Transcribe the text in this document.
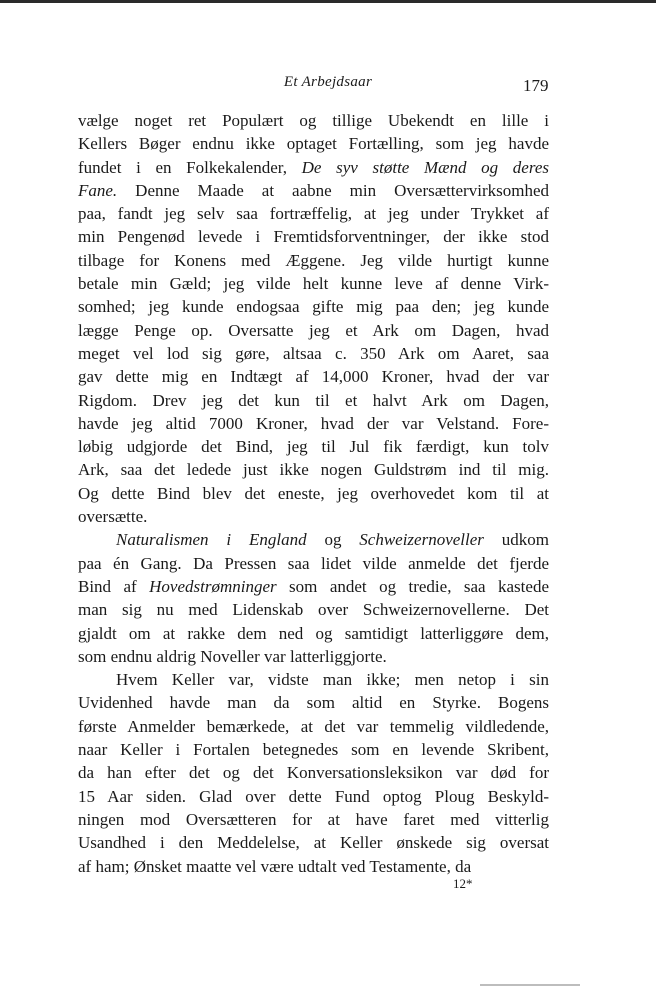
Et Arbejdsaar	179
vælge noget ret Populært og tillige Ubekendt en lille i
Kellers Bøger endnu ikke optaget Fortælling, som jeg havde
fundet i en Folkekalender, De syv støtte Mænd og deres
Fane. Denne Maade at aabne min Oversættervirksomhed
paa, fandt jeg selv saa fortræffelig, at jeg under Trykket af
min Pengenød levede i Fremtidsforventninger, der ikke stod
tilbage for Konens med Æggene. Jeg vilde hurtigt kunne
betale min Gæld; jeg vilde helt kunne leve af denne Virk-
somhed; jeg kunde endogsaa gifte mig paa den; jeg kunde
lægge Penge op. Oversatte jeg et Ark om Dagen, hvad
meget vel lod sig gøre, altsaa c. 350 Ark om Aaret, saa
gav dette mig en Indtægt af 14,000 Kroner, hvad der var
Rigdom. Drev jeg det kun til et halvt Ark om Dagen,
havde jeg altid 7000 Kroner, hvad der var Velstand. Fore-
løbig udgjorde det Bind, jeg til Jul fik færdigt, kun tolv
Ark, saa det ledede just ikke nogen Guldstrøm ind til mig.
Og dette Bind blev det eneste, jeg overhovedet kom til at
oversætte.
Naturalismen i England og Schweizernoveller udkom
paa én Gang. Da Pressen saa lidet vilde anmelde det fjerde
Bind af Hovedstrømninger som andet og tredie, saa kastede
man sig nu med Lidenskab over Schweizernovellerne. Det
gjaldt om at rakke dem ned og samtidigt latterliggøre dem,
som endnu aldrig Noveller var latterliggjorte.
Hvem Keller var, vidste man ikke; men netop i sin
Uvidenhed havde man da som altid en Styrke. Bogens
første Anmelder bemærkede, at det var temmelig vildledende,
naar Keller i Fortalen betegnedes som en levende Skribent,
da han efter det og det Konversationsleksikon var død for
15 Aar siden. Glad over dette Fund optog Ploug Beskyld-
ningen mod Oversætteren for at have faret med vitterlig
Usandhed i den Meddelelse, at Keller ønskede sig oversat
af ham; Ønsket maatte vel være udtalt ved Testamente, da
12*
